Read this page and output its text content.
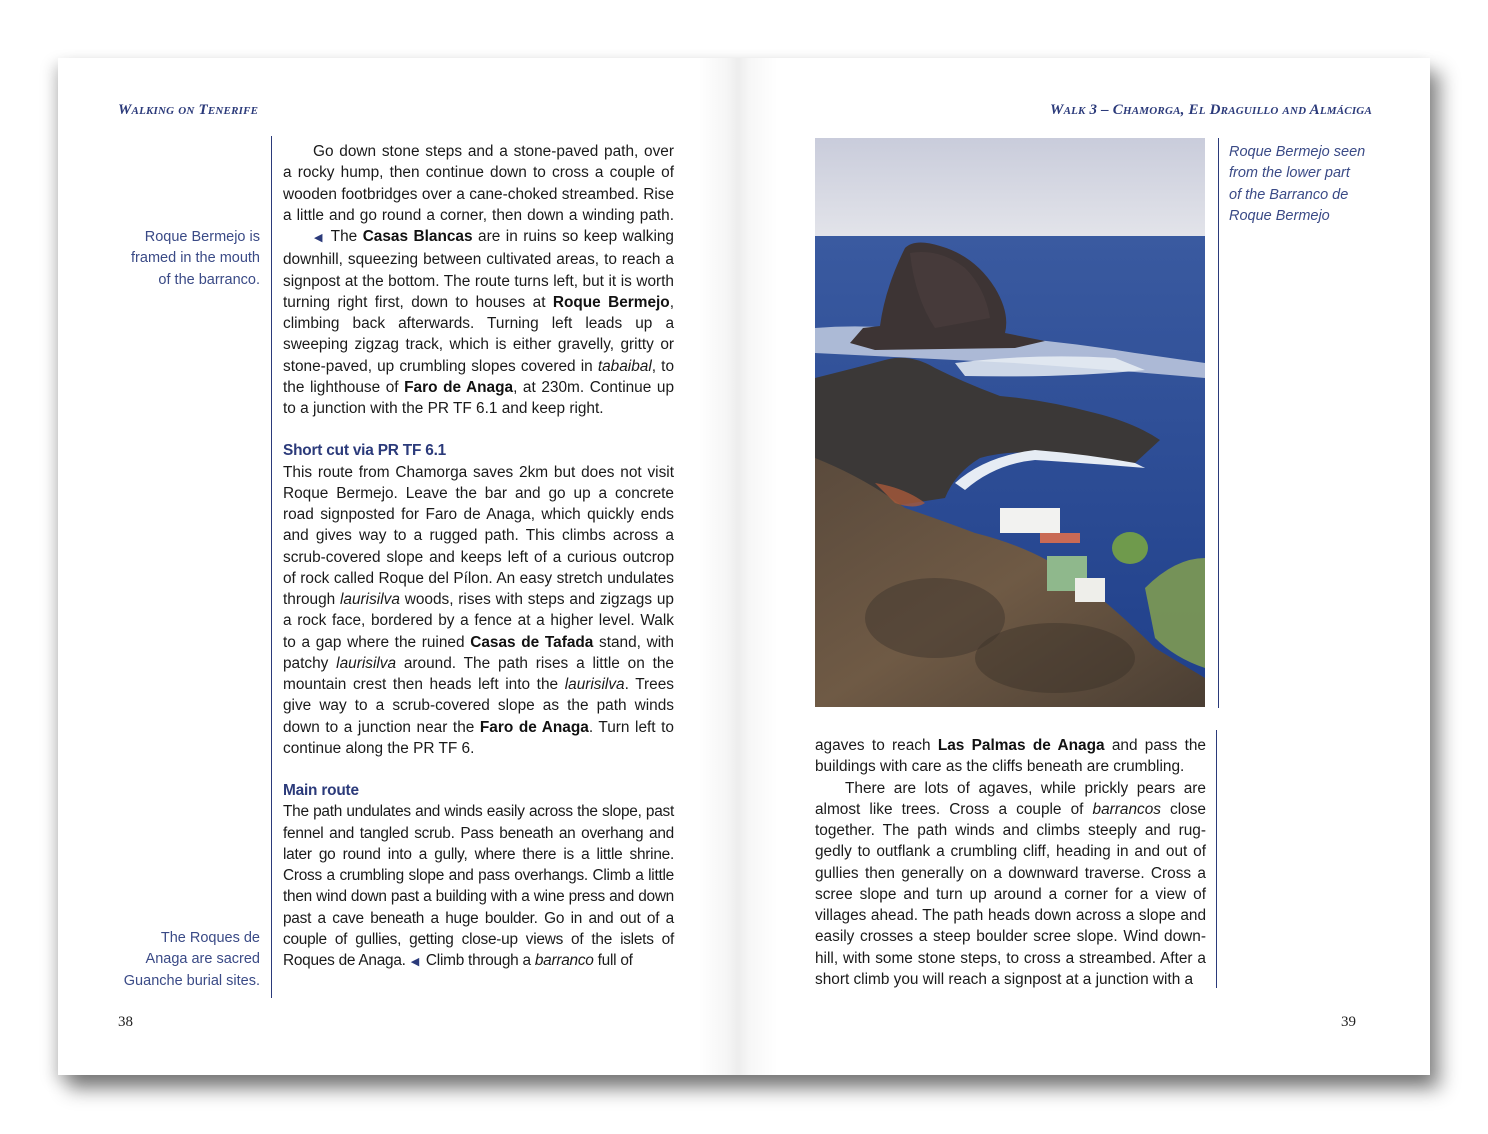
Walking on Tenerife
Roque Bermejo is
framed in the mouth
of the barranco.
The Roques de
Anaga are sacred
Guanche burial sites.

Go down stone steps and a stone-paved path, over a rocky hump, then continue down to cross a couple of wooden footbridges over a cane-choked streambed. Rise a little and go round a corner, then down a winding path. ◀ The Casas Blancas are in ruins so keep walking downhill, squeezing between cultivated areas, to reach a signpost at the bottom. The route turns left, but it is worth turning right first, down to houses at Roque Bermejo, climbing back afterwards. Turning left leads up a sweeping zigzag track, which is either gravelly, gritty or stone-paved, up crumbling slopes covered in tabaibal, to the lighthouse of Faro de Anaga, at 230m. Continue up to a junction with the PR TF 6.1 and keep right.

Short cut via PR TF 6.1

This route from Chamorga saves 2km but does not visit Roque Bermejo. Leave the bar and go up a concrete road signposted for Faro de Anaga, which quickly ends and gives way to a rugged path. This climbs across a scrub-covered slope and keeps left of a curious outcrop of rock called Roque del Pílon. An easy stretch undulates through laurisilva woods, rises with steps and zigzags up a rock face, bordered by a fence at a higher level. Walk to a gap where the ruined Casas de Tafada stand, with patchy laurisilva around. The path rises a little on the mountain crest then heads left into the laurisilva. Trees give way to a scrub-covered slope as the path winds down to a junction near the Faro de Anaga. Turn left to continue along the PR TF 6.

Main route

The path undulates and winds easily across the slope, past fennel and tangled scrub. Pass beneath an overhang and later go round into a gully, where there is a little shrine. Cross a crumbling slope and pass overhangs. Climb a little then wind down past a building with a wine press and down past a cave beneath a huge boulder. Go in and out of a couple of gullies, getting close-up views of the islets of Roques de Anaga. ◀ Climb through a barranco full of

38
Walk 3 – Chamorga, El Draguillo and Almáciga
Roque Bermejo seen
from the lower part
of the Barranco de
Roque Bermejo

agaves to reach Las Palmas de Anaga and pass the buildings with care as the cliffs beneath are crumbling.

There are lots of agaves, while prickly pears are almost like trees. Cross a couple of barrancos close together. The path winds and climbs steeply and ruggedly to outflank a crumbling cliff, heading in and out of gullies then generally on a downward traverse. Cross a scree slope and turn up around a corner for a view of villages ahead. The path heads down across a slope and easily crosses a steep boulder scree slope. Wind downhill, with some stone steps, to cross a streambed. After a short climb you will reach a signpost at a junction with a

39
